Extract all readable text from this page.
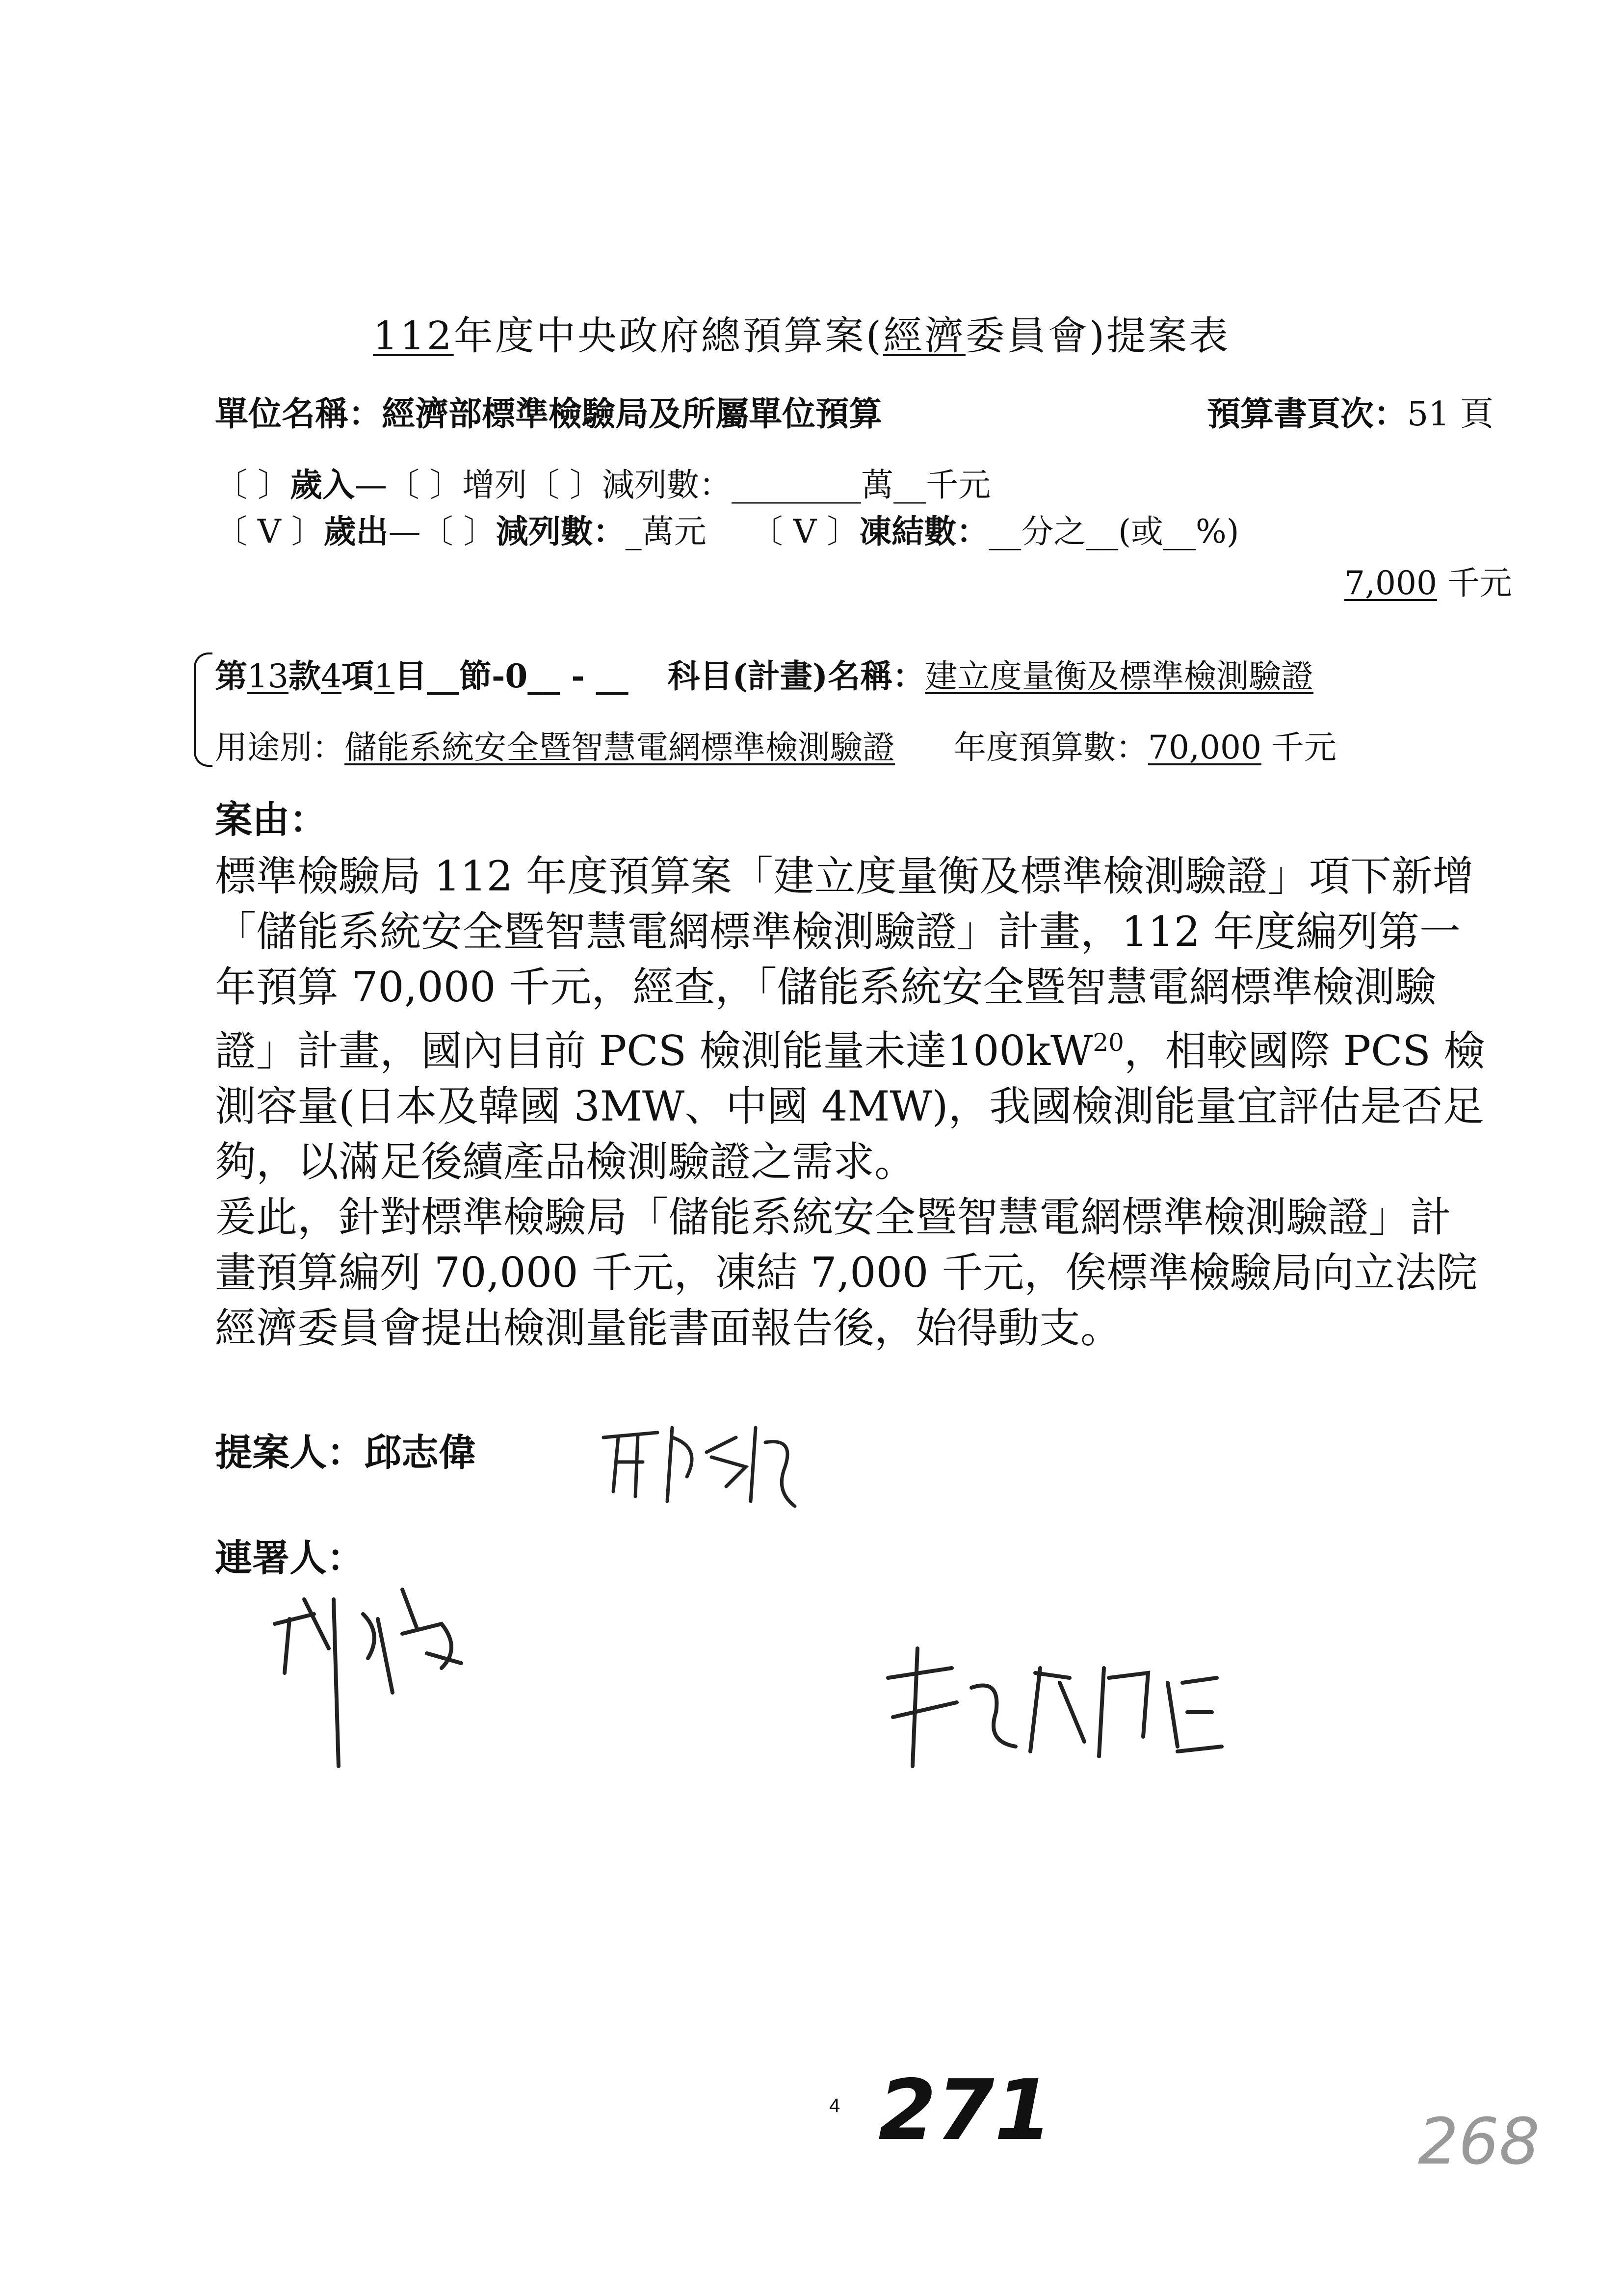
112年度中央政府總預算案(經濟委員會)提案表
單位名稱：經濟部標準檢驗局及所屬單位預算	預算書頁次：51 頁
〔 〕歲入—〔 〕增列〔 〕減列數：________萬__千元
〔 V 〕歲出—〔 〕減列數：_萬元 〔 V 〕凍結數：__分之__(或__%)
7,000 千元
第13款4項1目__節-0__ - __ 科目(計畫)名稱：建立度量衡及標準檢測驗證
用途別：儲能系統安全暨智慧電網標準檢測驗證 年度預算數：70,000 千元
案由：

標準檢驗局 112 年度預算案「建立度量衡及標準檢測驗證」項下新增「儲能系統安全暨智慧電網標準檢測驗證」計畫，112 年度編列第一年預算 70,000 千元，經查，「儲能系統安全暨智慧電網標準檢測驗證」計畫，國內目前 PCS 檢測能量未達$100kW^{20}$，相較國際 PCS 檢測容量(日本及韓國 3MW、中國 4MW)，我國檢測能量宜評估是否足夠，以滿足後續產品檢測驗證之需求。

爰此，針對標準檢驗局「儲能系統安全暨智慧電網標準檢測驗證」計畫預算編列 70,000 千元，凍結 7,000 千元，俟標準檢驗局向立法院經濟委員會提出檢測量能書面報告後，始得動支。

提案人：邱志偉
連署人：
4 271	268
